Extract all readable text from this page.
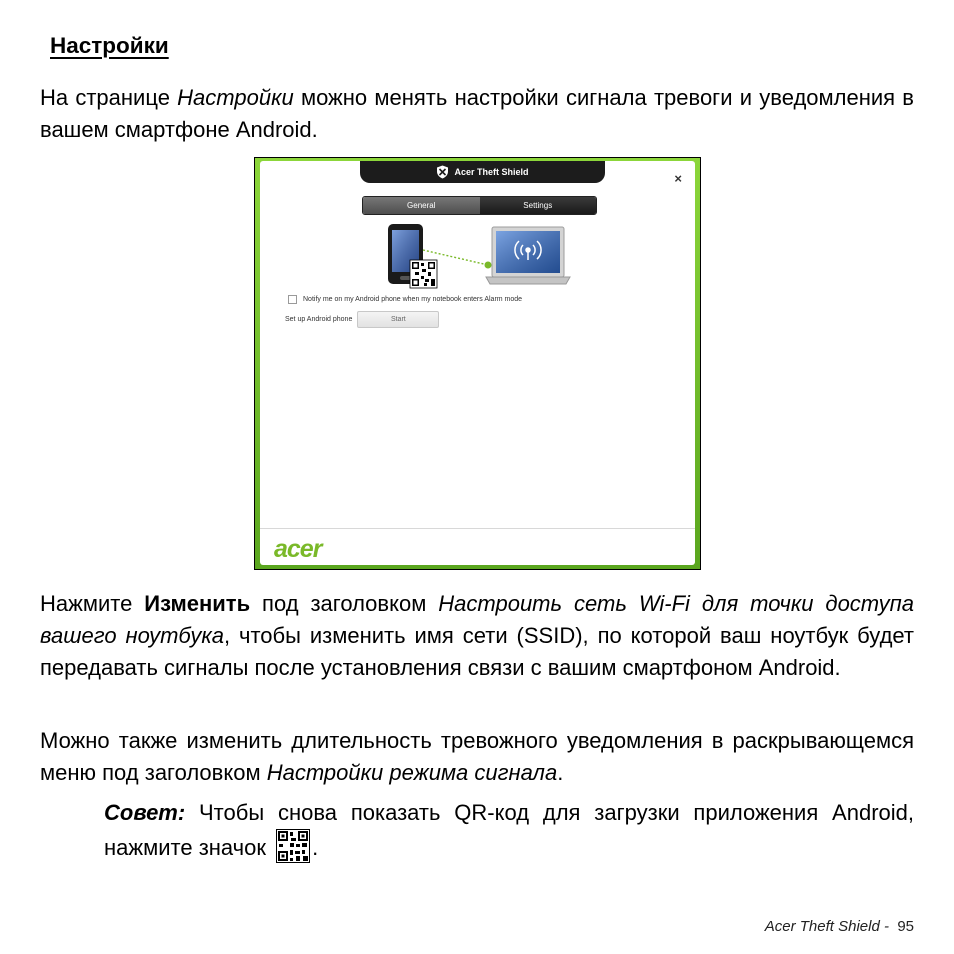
Настройки
На странице Настройки можно менять настройки сигнала тревоги и уведомления в вашем смартфоне Android.
Acer Theft Shield	×
General	Settings
Notify me on my Android phone when my notebook enters Alarm mode
Set up Android phone	Start
acer
Нажмите Изменить под заголовком Настроить сеть Wi-Fi для точки доступа вашего ноутбука, чтобы изменить имя сети (SSID), по которой ваш ноутбук будет передавать сигналы после установления связи с вашим смартфоном Android.
Можно также изменить длительность тревожного уведомления в раскрывающемся меню под заголовком Настройки режима сигнала.
Совет: Чтобы снова показать QR-код для загрузки приложения Android, нажмите значок .
Acer Theft Shield - 95
